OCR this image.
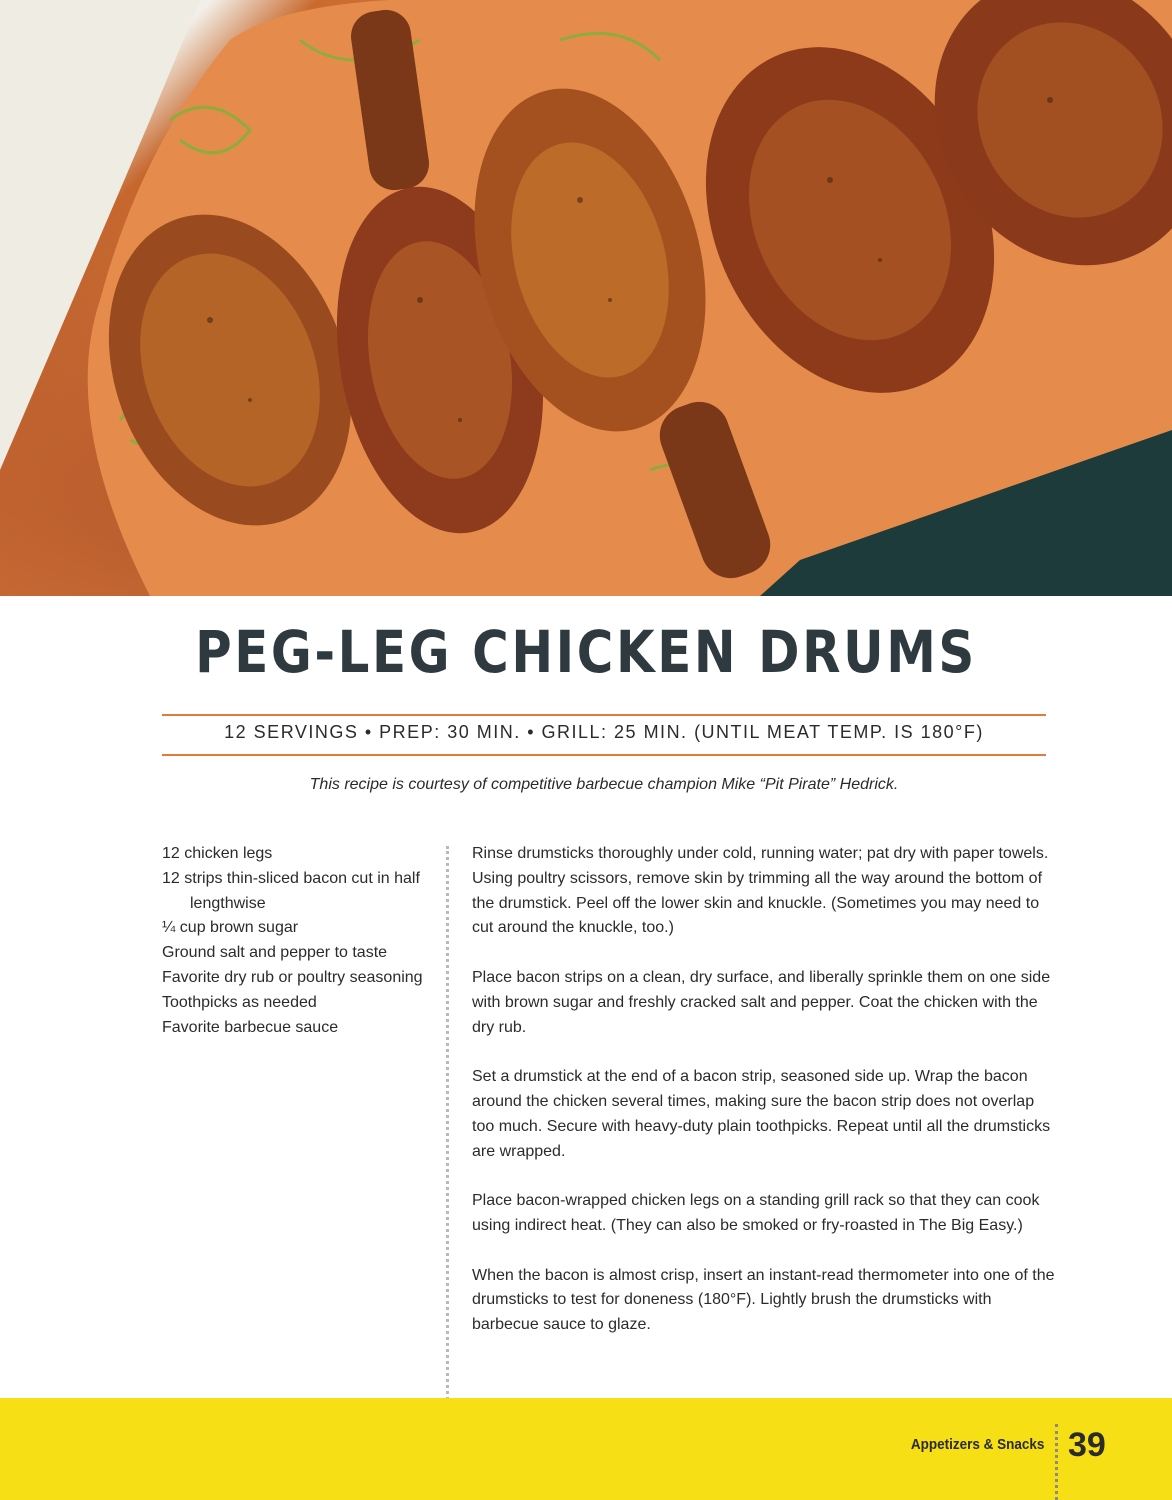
PEG-LEG CHICKEN DRUMS
12 SERVINGS • PREP: 30 MIN. • GRILL: 25 MIN. (UNTIL MEAT TEMP. IS 180°F)
This recipe is courtesy of competitive barbecue champion Mike “Pit Pirate” Hedrick.
12 chicken legs
12 strips thin-sliced bacon cut in half lengthwise
¼ cup brown sugar
Ground salt and pepper to taste
Favorite dry rub or poultry seasoning
Toothpicks as needed
Favorite barbecue sauce

Rinse drumsticks thoroughly under cold, running water; pat dry with paper towels. Using poultry scissors, remove skin by trimming all the way around the bottom of the drumstick. Peel off the lower skin and knuckle. (Sometimes you may need to cut around the knuckle, too.)

Place bacon strips on a clean, dry surface, and liberally sprinkle them on one side with brown sugar and freshly cracked salt and pepper. Coat the chicken with the dry rub.

Set a drumstick at the end of a bacon strip, seasoned side up. Wrap the bacon around the chicken several times, making sure the bacon strip does not overlap too much. Secure with heavy-duty plain toothpicks. Repeat until all the drumsticks are wrapped.

Place bacon-wrapped chicken legs on a standing grill rack so that they can cook using indirect heat. (They can also be smoked or fry-roasted in The Big Easy.)

When the bacon is almost crisp, insert an instant-read thermometer into one of the drumsticks to test for doneness (180°F). Lightly brush the drumsticks with barbecue sauce to glaze.

Appetizers & Snacks 39
